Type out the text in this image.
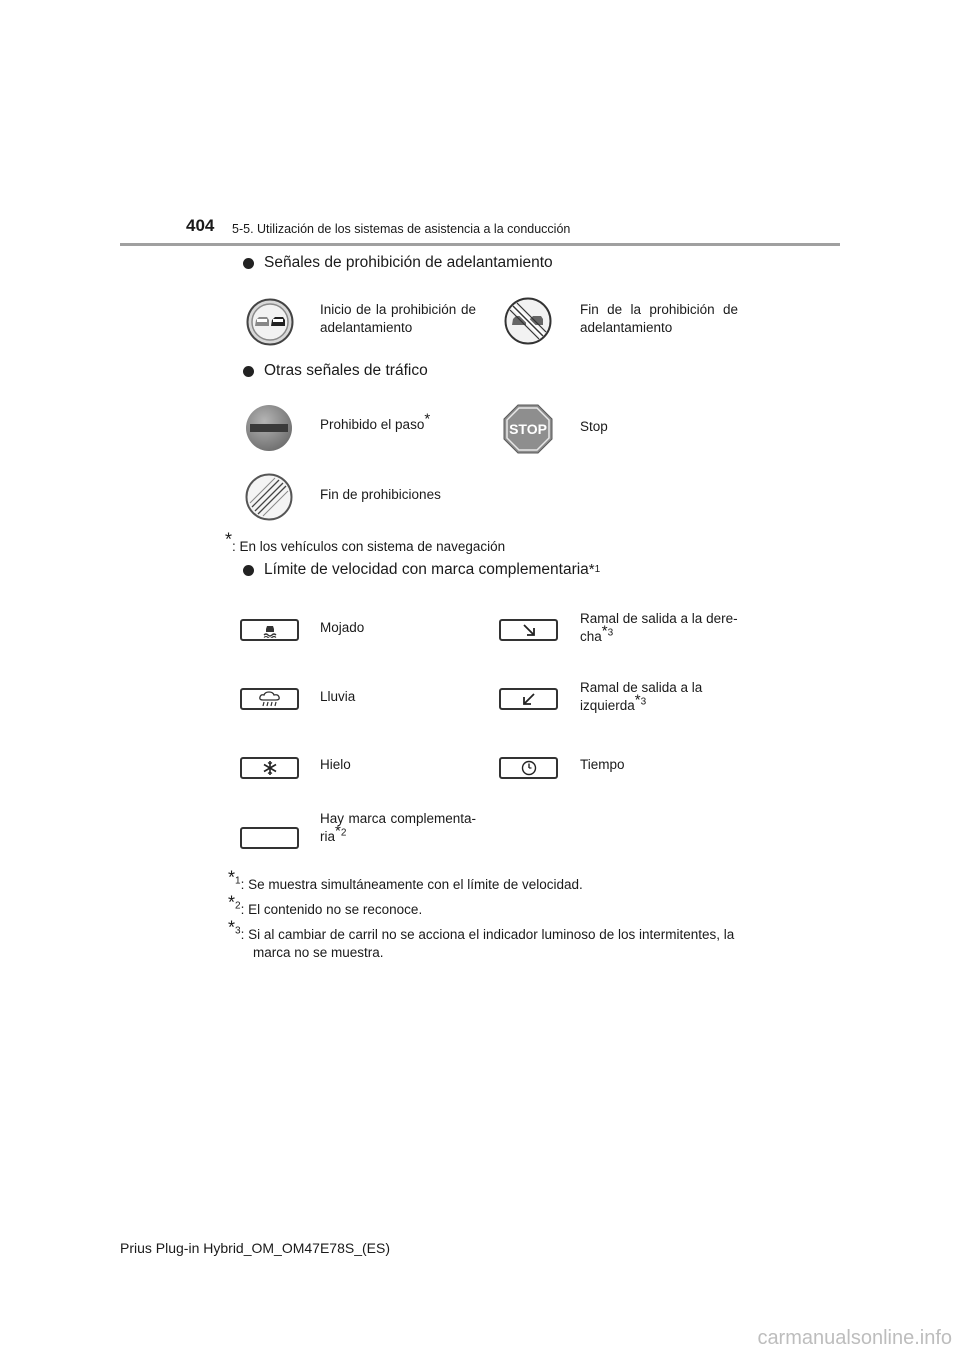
404 5-5. Utilización de los sistemas de asistencia a la conducción
Señales de prohibición de adelantamiento
Inicio de la prohibición de adelantamiento
Fin de la prohibición de adelantamiento
Otras señales de tráfico
Prohibido el paso*
STOP Stop
Fin de prohibiciones
*: En los vehículos con sistema de navegación
Límite de velocidad con marca complementaria * 1
Mojado
Ramal de salida a la dere-cha*$^3$
Lluvia
Ramal de salida a la izquierda*$^3$
Hielo	Tiempo
Hay marca complementa-ria*$^2$
*$^1$: Se muestra simultáneamente con el límite de velocidad.
*$^2$: El contenido no se reconoce.
*$^3$: Si al cambiar de carril no se acciona el indicador luminoso de los intermitentes, la
marca no se muestra.
Prius Plug-in Hybrid_OM_OM47E78S_(ES)
carmanualsonline.info
